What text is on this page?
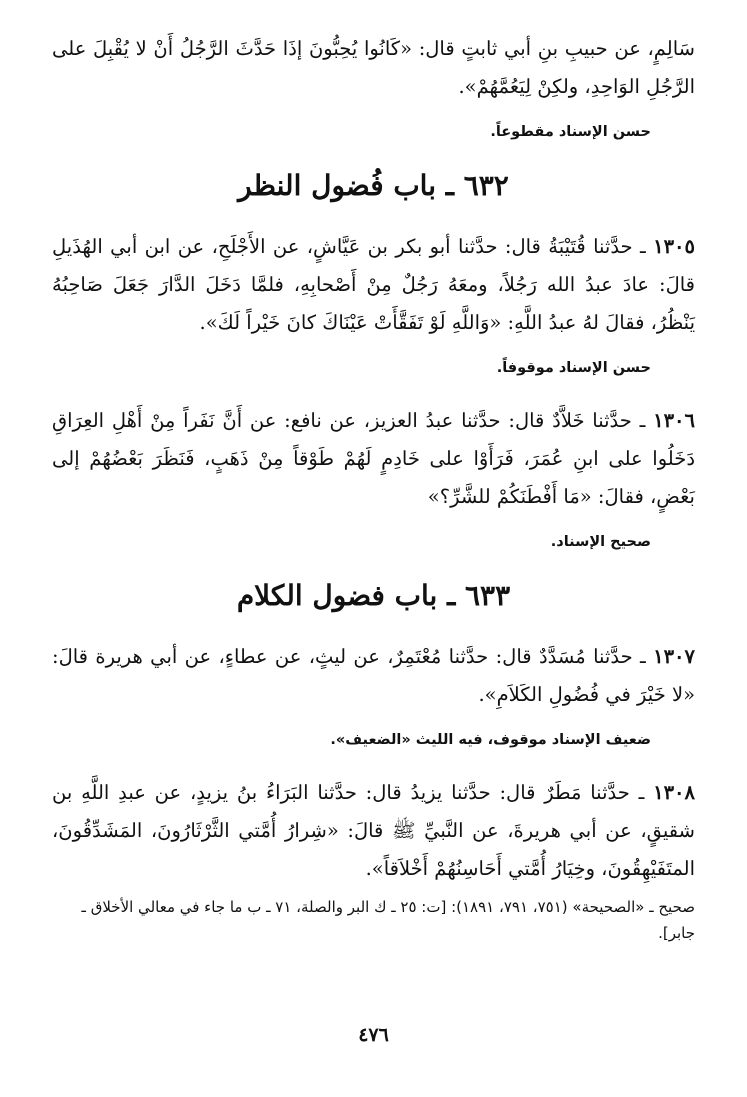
سَالِمٍ، عن حبيبِ بنِ أبي ثابتٍ قال: «كَانُوا يُحِبُّونَ إذَا حَدَّثَ الرَّجُلُ أَنْ لا يُقْبِلَ على الرَّجُلِ الوَاحِدِ، ولكِنْ لِيَعُمَّهُمْ».

حسن الإسناد مقطوعاً.

٦٣٢ ـ باب فُضول النظر

١٣٠٥ ـ حدَّثنا قُتَيْبَةُ قال: حدَّثنا أبو بكر بن عَيَّاشٍ، عن الأَجْلَحِ، عن ابن أبي الهُذَيلِ قالَ: عادَ عبدُ الله رَجُلاً، ومعَهُ رَجُلٌ مِنْ أَصْحابِهِ، فلمَّا دَخَلَ الدَّارَ جَعَلَ صَاحِبُهُ يَنْظُرُ، فقالَ لهُ عبدُ اللَّهِ: «وَاللَّهِ لَوْ تَفَقَّأَتْ عَيْنَاكَ كانَ خَيْراً لَكَ».

حسن الإسناد موقوفاً.

١٣٠٦ ـ حدَّثنا خَلاَّدٌ قال: حدَّثنا عبدُ العزيز، عن نافع: عن أَنَّ نَفَراً مِنْ أَهْلِ العِرَاقِ دَخَلُوا على ابنِ عُمَرَ، فَرَأَوْا على خَادِمٍ لَهُمْ طَوْقاً مِنْ ذَهَبٍ، فَنَظَرَ بَعْضُهُمْ إلى بَعْضٍ، فقالَ: «مَا أَفْطَنَكُمْ للشَّرِّ؟»

صحيح الإسناد.

٦٣٣ ـ باب فضول الكلام

١٣٠٧ ـ حدَّثنا مُسَدَّدٌ قال: حدَّثنا مُعْتَمِرٌ، عن ليثٍ، عن عطاءٍ، عن أبي هريرة قالَ: «لا خَيْرَ في فُضُولِ الكَلاَمِ».

ضعيف الإسناد موقوف، فيه الليث «الضعيف».

١٣٠٨ ـ حدَّثنا مَطَرٌ قال: حدَّثنا يزيدُ قال: حدَّثنا البَرَاءُ بنُ يزيدٍ، عن عبدِ اللَّهِ بن شقيقٍ، عن أبي هريرةَ، عن النَّبيِّ ﷺ قالَ: «شِرارُ أُمَّتي الثَّرْثَارُونَ، المَشَدِّقُونَ، المتَفَيْهِقُونَ، وخِيَارُ أُمَّتي أَحَاسِنُهُمْ أَخْلاَقاً».

صحيح ـ «الصحيحة» (٧٥١، ٧٩١، ١٨٩١): [ت: ٢٥ ـ ك البر والصلة، ٧١ ـ ب ما جاء في معالي الأخلاق ـ جابر].

٤٧٦
